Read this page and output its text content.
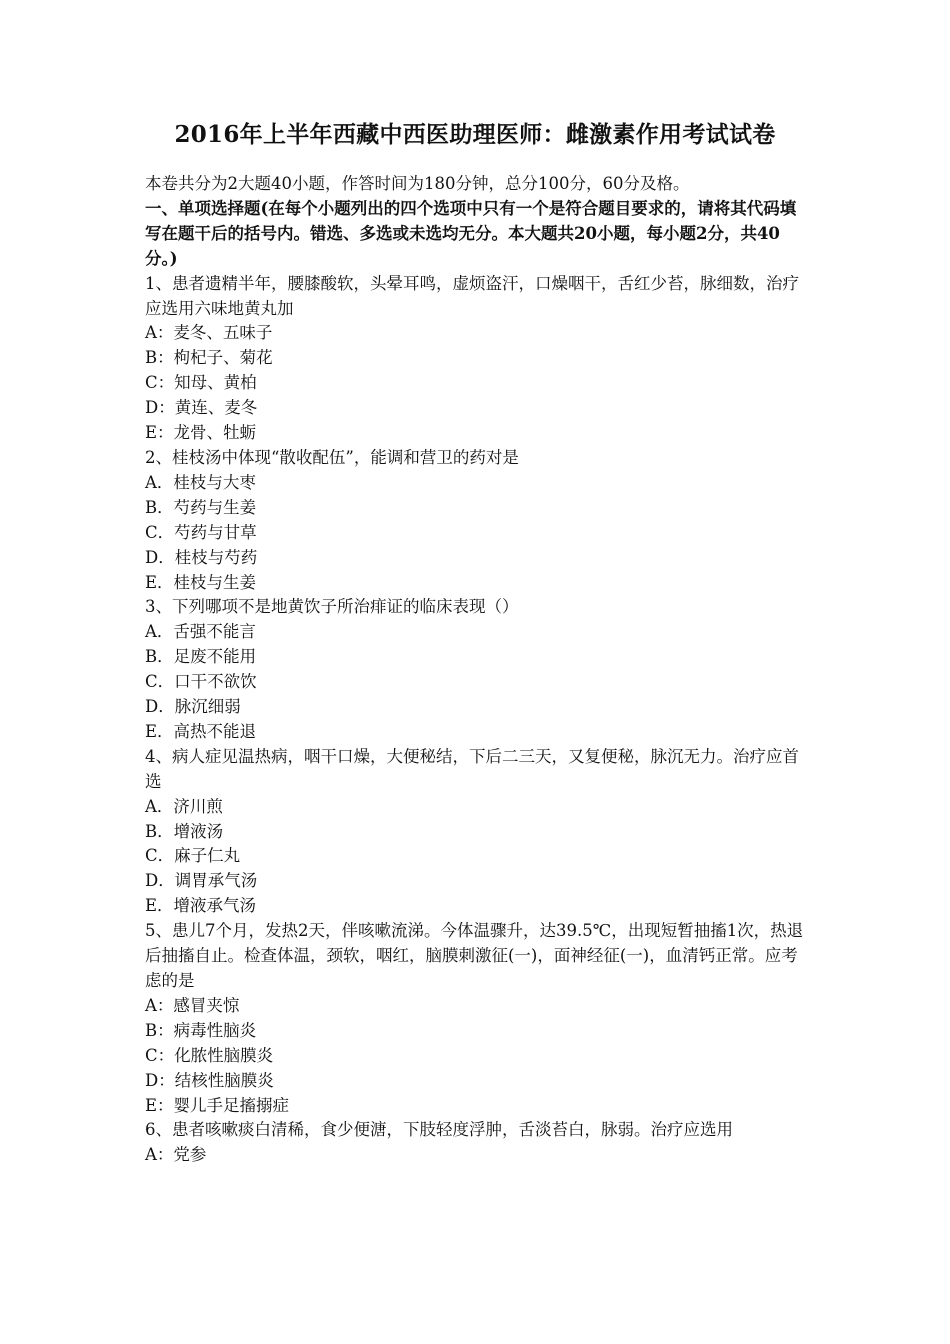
2016年上半年西藏中西医助理医师：雌激素作用考试试卷

本卷共分为2大题40小题，作答时间为180分钟，总分100分，60分及格。

一、单项选择题(在每个小题列出的四个选项中只有一个是符合题目要求的，请将其代码填写在题干后的括号内。错选、多选或未选均无分。本大题共20小题，每小题2分，共40分。)

1、患者遗精半年，腰膝酸软，头晕耳鸣，虚烦盗汗，口燥咽干，舌红少苔，脉细数，治疗应选用六味地黄丸加

A：麦冬、五味子

B：枸杞子、菊花

C：知母、黄柏

D：黄连、麦冬

E：龙骨、牡蛎

2、桂枝汤中体现“散收配伍”，能调和营卫的药对是

A．桂枝与大枣

B．芍药与生姜

C．芍药与甘草

D．桂枝与芍药

E．桂枝与生姜

3、下列哪项不是地黄饮子所治痱证的临床表现（）

A．舌强不能言

B．足废不能用

C．口干不欲饮

D．脉沉细弱

E．高热不能退

4、病人症见温热病，咽干口燥，大便秘结，下后二三天，又复便秘，脉沉无力。治疗应首选

A．济川煎

B．增液汤

C．麻子仁丸

D．调胃承气汤

E．增液承气汤

5、患儿7个月，发热2天，伴咳嗽流涕。今体温骤升，达39.5℃，出现短暂抽搐1次，热退后抽搐自止。检查体温，颈软，咽红，脑膜刺激征(一)，面神经征(一)，血清钙正常。应考虑的是

A：感冒夹惊

B：病毒性脑炎

C：化脓性脑膜炎

D：结核性脑膜炎

E：婴儿手足搐搦症

6、患者咳嗽痰白清稀，食少便溏，下肢轻度浮肿，舌淡苔白，脉弱。治疗应选用

A：党参
